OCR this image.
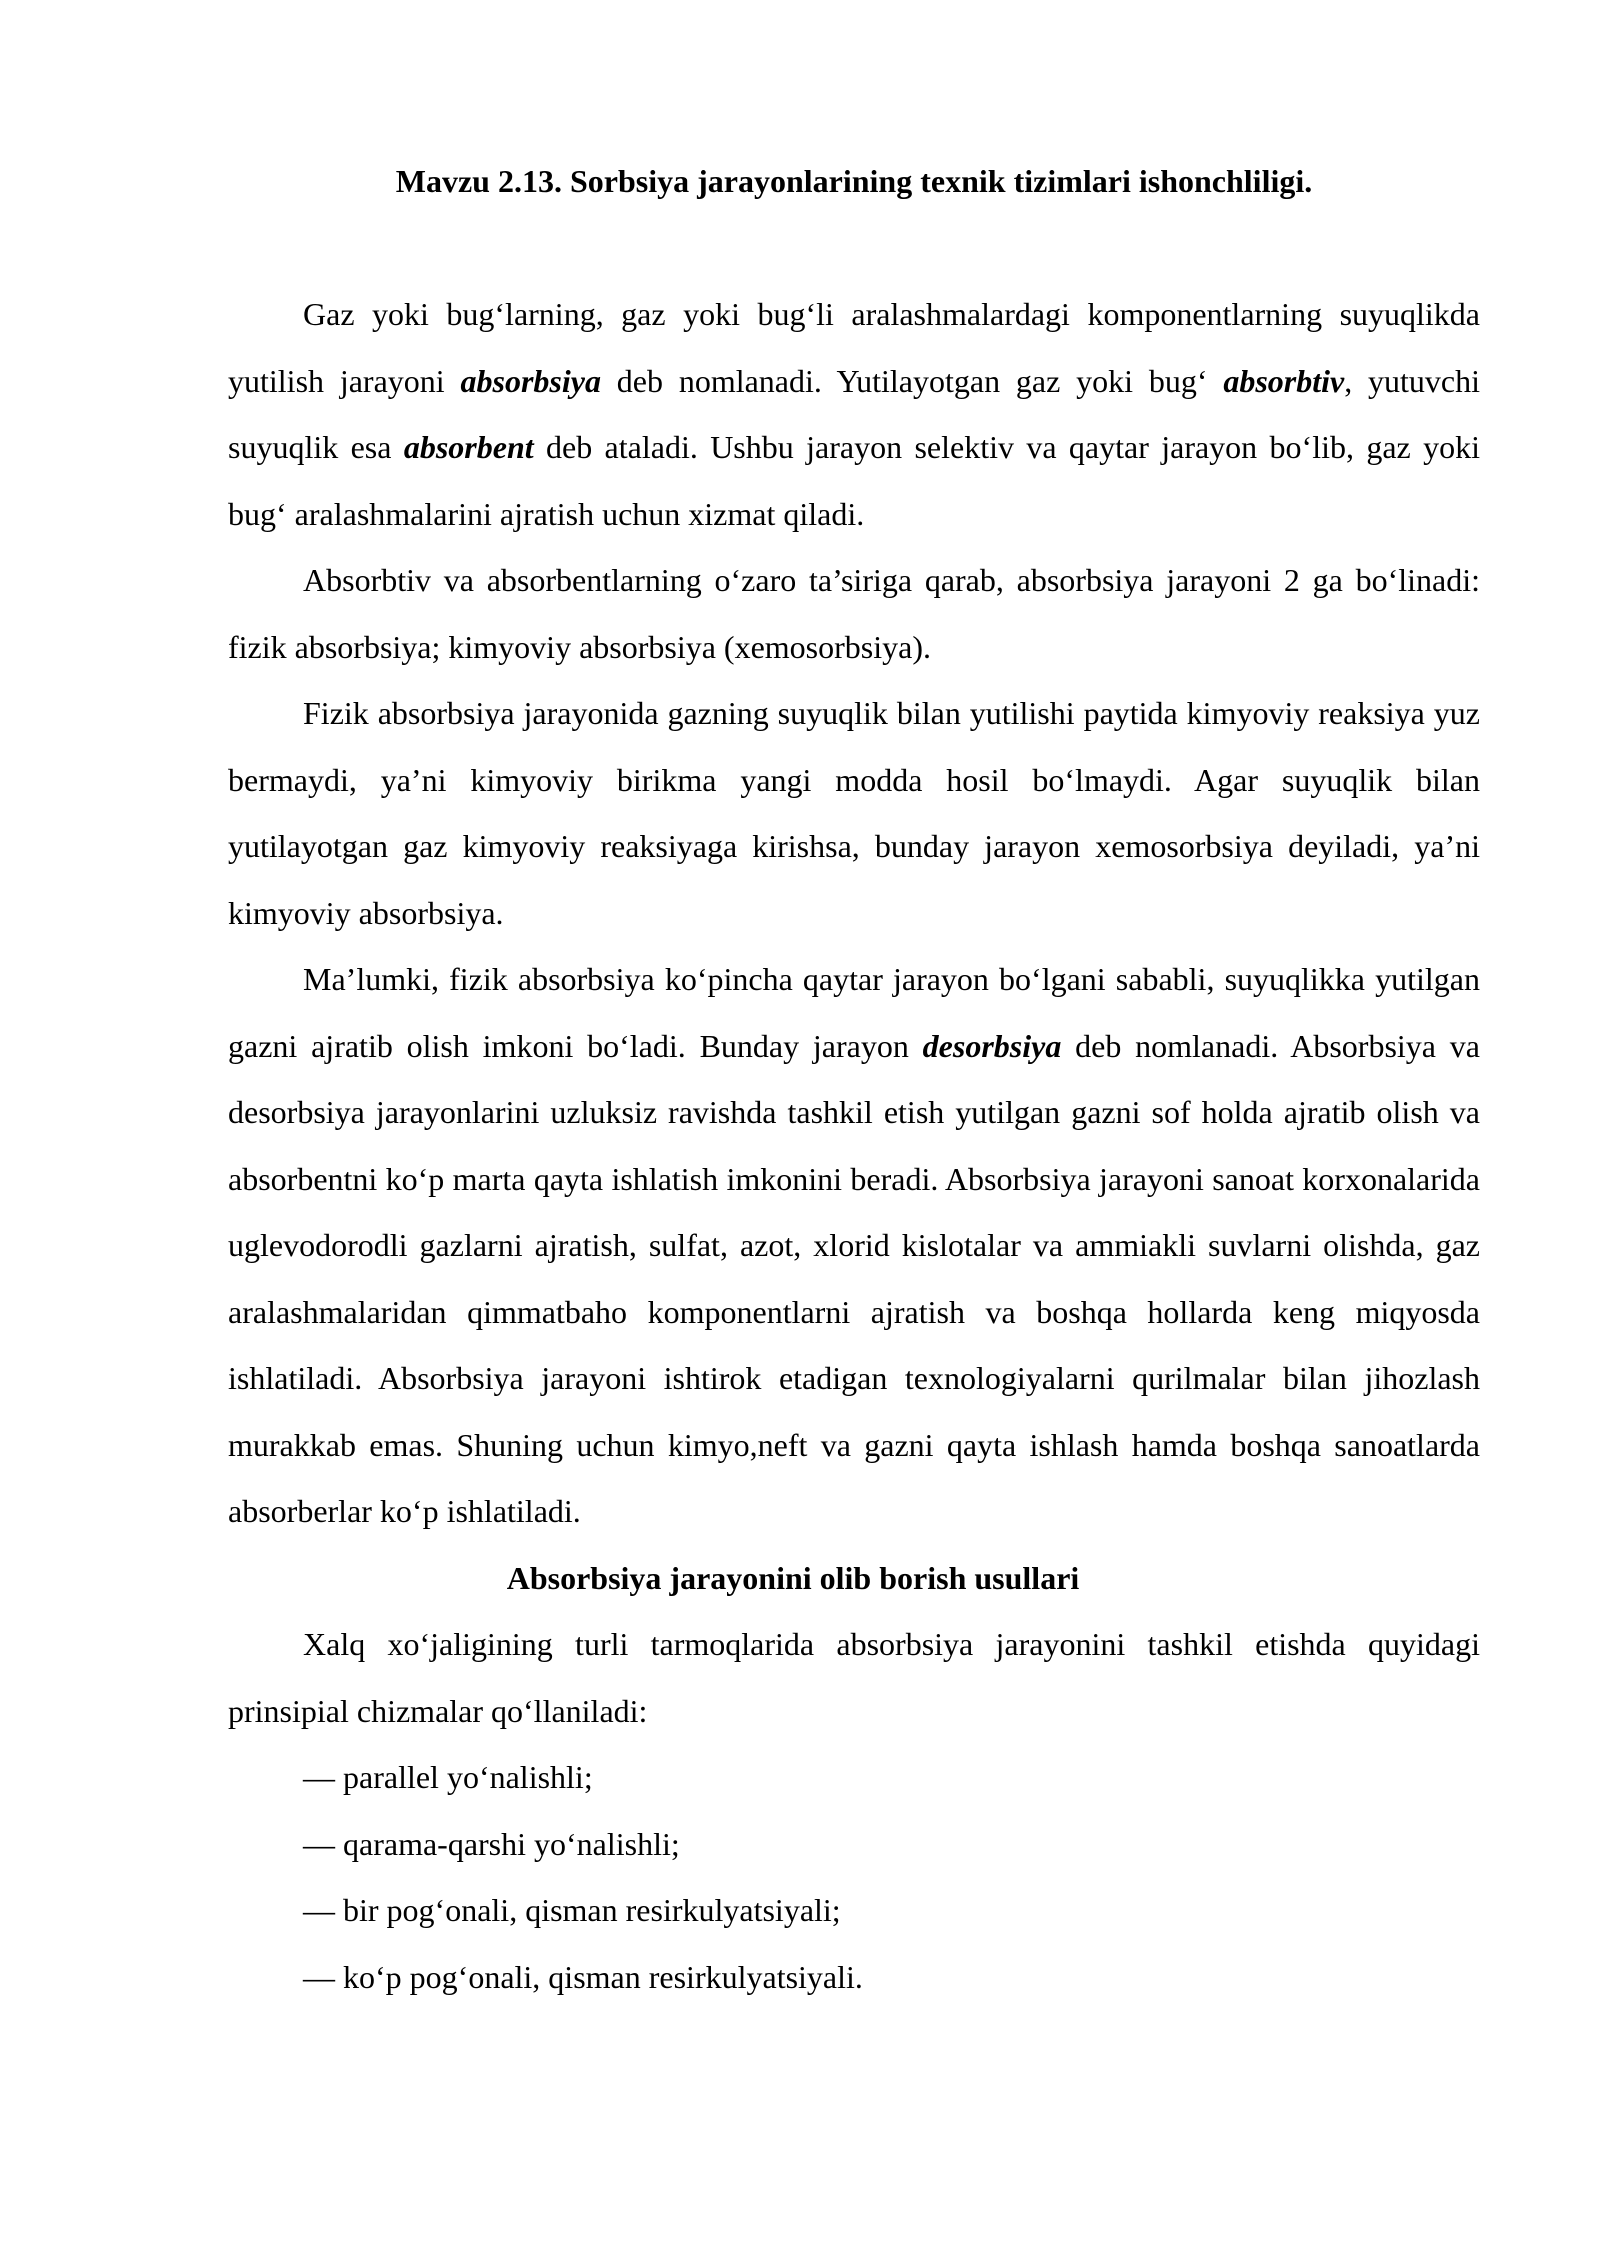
Mavzu 2.13. Sorbsiya jarayonlarining texnik tizimlari ishonchliligi.

Gaz yoki bug‘larning, gaz yoki bug‘li aralashmalardagi komponentlarning suyuqlikda yutilish jarayoni absorbsiya deb nomlanadi. Yutilayotgan gaz yoki bug‘ absorbtiv, yutuvchi suyuqlik esa absorbent deb ataladi. Ushbu jarayon selektiv va qaytar jarayon bo‘lib, gaz yoki bug‘ aralashmalarini ajratish uchun xizmat qiladi.

Absorbtiv va absorbentlarning o‘zaro ta’siriga qarab, absorbsiya jarayoni 2 ga bo‘linadi: fizik absorbsiya; kimyoviy absorbsiya (xemosorbsiya).

Fizik absorbsiya jarayonida gazning suyuqlik bilan yutilishi paytida kimyoviy reaksiya yuz bermaydi, ya’ni kimyoviy birikma yangi modda hosil bo‘lmaydi. Agar suyuqlik bilan yutilayotgan gaz kimyoviy reaksiyaga kirishsa, bunday jarayon xemosorbsiya deyiladi, ya’ni kimyoviy absorbsiya.

Ma’lumki, fizik absorbsiya ko‘pincha qaytar jarayon bo‘lgani sababli, suyuqlikka yutilgan gazni ajratib olish imkoni bo‘ladi. Bunday jarayon desorbsiya deb nomlanadi. Absorbsiya va desorbsiya jarayonlarini uzluksiz ravishda tashkil etish yutilgan gazni sof holda ajratib olish va absorbentni ko‘p marta qayta ishlatish imkonini beradi. Absorbsiya jarayoni sanoat korxonalarida uglevodorodli gazlarni ajratish, sulfat, azot, xlorid kislotalar va ammiakli suvlarni olishda, gaz aralashmalaridan qimmatbaho komponentlarni ajratish va boshqa hollarda keng miqyosda ishlatiladi. Absorbsiya jarayoni ishtirok etadigan texnologiyalarni qurilmalar bilan jihozlash murakkab emas. Shuning uchun kimyo,neft va gazni qayta ishlash hamda boshqa sanoatlarda absorberlar ko‘p ishlatiladi.

Absorbsiya jarayonini olib borish usullari

Xalq xo‘jaligining turli tarmoqlarida absorbsiya jarayonini tashkil etishda quyidagi prinsipial chizmalar qo‘llaniladi:

— parallel yo‘nalishli;

— qarama-qarshi yo‘nalishli;

— bir pog‘onali, qisman resirkulyatsiyali;

— ko‘p pog‘onali, qisman resirkulyatsiyali.
